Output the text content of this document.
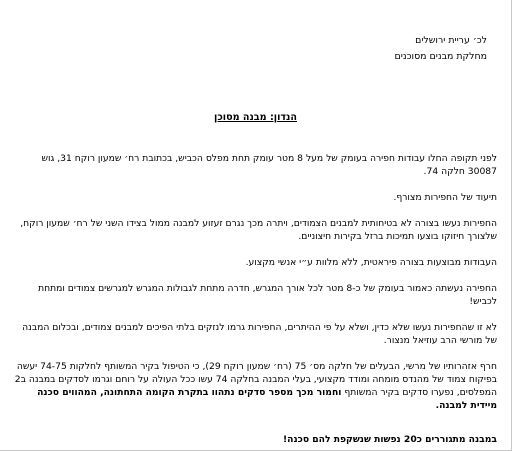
לכ׳ עריית ירושלים
מחלקת מבנים מסוכנים
הנדון: מבנה מסוכן

לפני תקופה החלו עבודות חפירה בעומק של מעל 8 מטר עומק תחת מפלס הכביש, בכתובת רח׳ שמעון רוקח 31, גוש 30087 חלקה 74.

תיעוד של החפירות מצורף.

החפירות נעשו בצורה לא בטיחותית למבנים הצמודים, ויתרה מכך נגרם זעזוע למבנה ממול בצידו השני של רח׳ שמעון רוקח, שלצורך חיזוקו בוצעו תמיכות ברזל בקירות חיצוניים.

העבודות מבוצעות בצורה פיראטית, ללא מלוות ע״י אנשי מקצוע.

החפירה נעשתה כאמור בעומק של כ-8 מטר לכל אורך המגרש, חדרה מתחת לגבולות המגרש למגרשים צמודים ומתחת לכביש!

לא זו שהחפירות נעשו שלא כדין, ושלא על פי ההיתרים, החפירות גרמו לנזקים בלתי הפיכים למבנים צמודים, ובכלום המבנה של מורשי הרב עוזיאל מנצור.

חרף אזהרותיו של מרשי, הבעלים של חלקה מס׳ 75 (רח׳ שמעון רוקח 29), כי הטיפול בקיר המשותף לחלקות 74-75 יעשה בפיקוח צמוד של מהנדס מומחה ומודד מקצועי, בעלי המבנה בחלקה 74 עשו ככל העולה על רוחם וגרמו לסדקים במבנה ב2 המפלסים, נפערו סדקים בקיר המשותף וחמור מכך מספר סדקים נתהוו בתקרת הקומה התחתונה, המהווים סכנה מיידית למבנה.

במבנה מתגוררים כ20 נפשות שנשקפת להם סכנה!
